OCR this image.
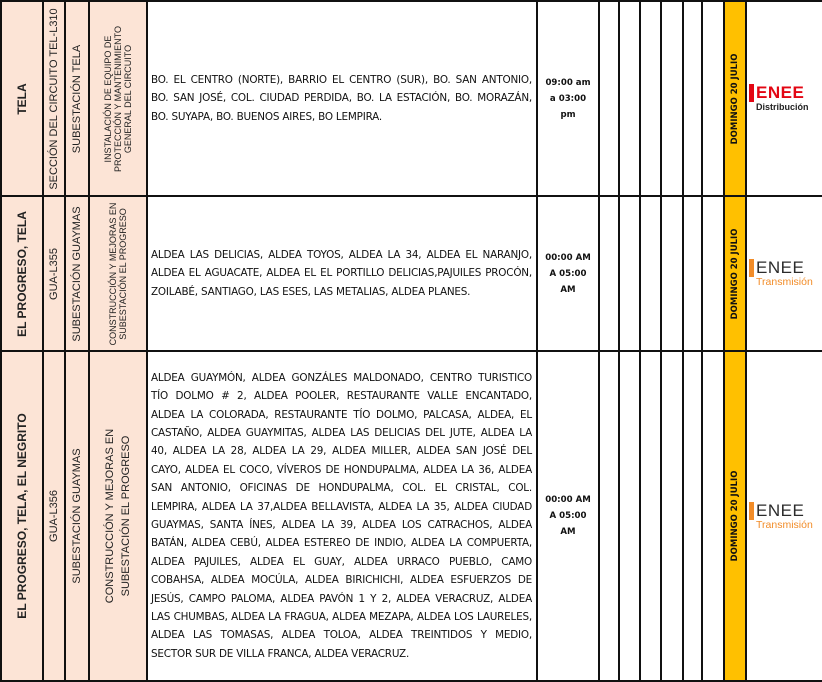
TELA	SECCIÓN DEL CIRCUITO TEL-L310	SUBESTACIÓN TELA	INSTALACIÓN DE EQUIPO DE PROTECCIÓN Y MANTENIMIENTO GENERAL DEL CIRCUITO	BO. EL CENTRO (NORTE), BARRIO EL CENTRO (SUR), BO. SAN ANTONIO, BO. SAN JOSÉ, COL. CIUDAD PERDIDA, BO. LA ESTACIÓN, BO. MORAZÁN, BO. SUYAPA, BO. BUENOS AIRES, BO LEMPIRA.	09:00 am a 03:00 pm							DOMINGO 20 JULIO	ENEE
Distribución

EL PROGRESO, TELA	GUA-L355	SUBESTACIÓN GUAYMAS	CONSTRUCCIÓN Y MEJORAS EN SUBESTACIÓN EL PROGRESO	ALDEA LAS DELICIAS, ALDEA TOYOS, ALDEA LA 34, ALDEA EL NARANJO, ALDEA EL AGUACATE, ALDEA EL EL PORTILLO DELICIAS,PAJUILES PROCÓN, ZOILABÉ, SANTIAGO, LAS ESES, LAS METALIAS, ALDEA PLANES.	00:00 AM A 05:00 AM							DOMINGO 20 JULIO	ENEE
Transmisión

EL PROGRESO, TELA, EL NEGRITO	GUA-L356	SUBESTACIÓN GUAYMAS	CONSTRUCCIÓN Y MEJORAS EN SUBESTACIÓN EL PROGRESO	ALDEA GUAYMÓN, ALDEA GONZÁLES MALDONADO, CENTRO TURISTICO TÍO DOLMO # 2, ALDEA POOLER, RESTAURANTE VALLE ENCANTADO, ALDEA LA COLORADA, RESTAURANTE TÍO DOLMO, PALCASA, ALDEA, EL CASTAÑO, ALDEA GUAYMITAS, ALDEA LAS DELICIAS DEL JUTE, ALDEA LA 40, ALDEA LA 28, ALDEA LA 29, ALDEA MILLER, ALDEA SAN JOSÉ DEL CAYO, ALDEA EL COCO, VÍVEROS DE HONDUPALMA, ALDEA LA 36, ALDEA SAN ANTONIO, OFICINAS DE HONDUPALMA, COL. EL CRISTAL, COL. LEMPIRA, ALDEA LA 37,ALDEA BELLAVISTA, ALDEA LA 35, ALDEA CIUDAD GUAYMAS, SANTA ÍNES, ALDEA LA 39, ALDEA LOS CATRACHOS, ALDEA BATÁN, ALDEA CEBÚ, ALDEA ESTEREO DE INDIO, ALDEA LA COMPUERTA, ALDEA PAJUILES, ALDEA EL GUAY, ALDEA URRACO PUEBLO, CAMO COBAHSA, ALDEA MOCÚLA, ALDEA BIRICHICHI, ALDEA ESFUERZOS DE JESÚS, CAMPO PALOMA, ALDEA PAVÓN 1 Y 2, ALDEA VERACRUZ, ALDEA LAS CHUMBAS, ALDEA LA FRAGUA, ALDEA MEZAPA, ALDEA LOS LAURELES, ALDEA LAS TOMASAS, ALDEA TOLOA, ALDEA TREINTIDOS Y MEDIO, SECTOR SUR DE VILLA FRANCA, ALDEA VERACRUZ.	00:00 AM A 05:00 AM							DOMINGO 20 JULIO	ENEE
Transmisión
